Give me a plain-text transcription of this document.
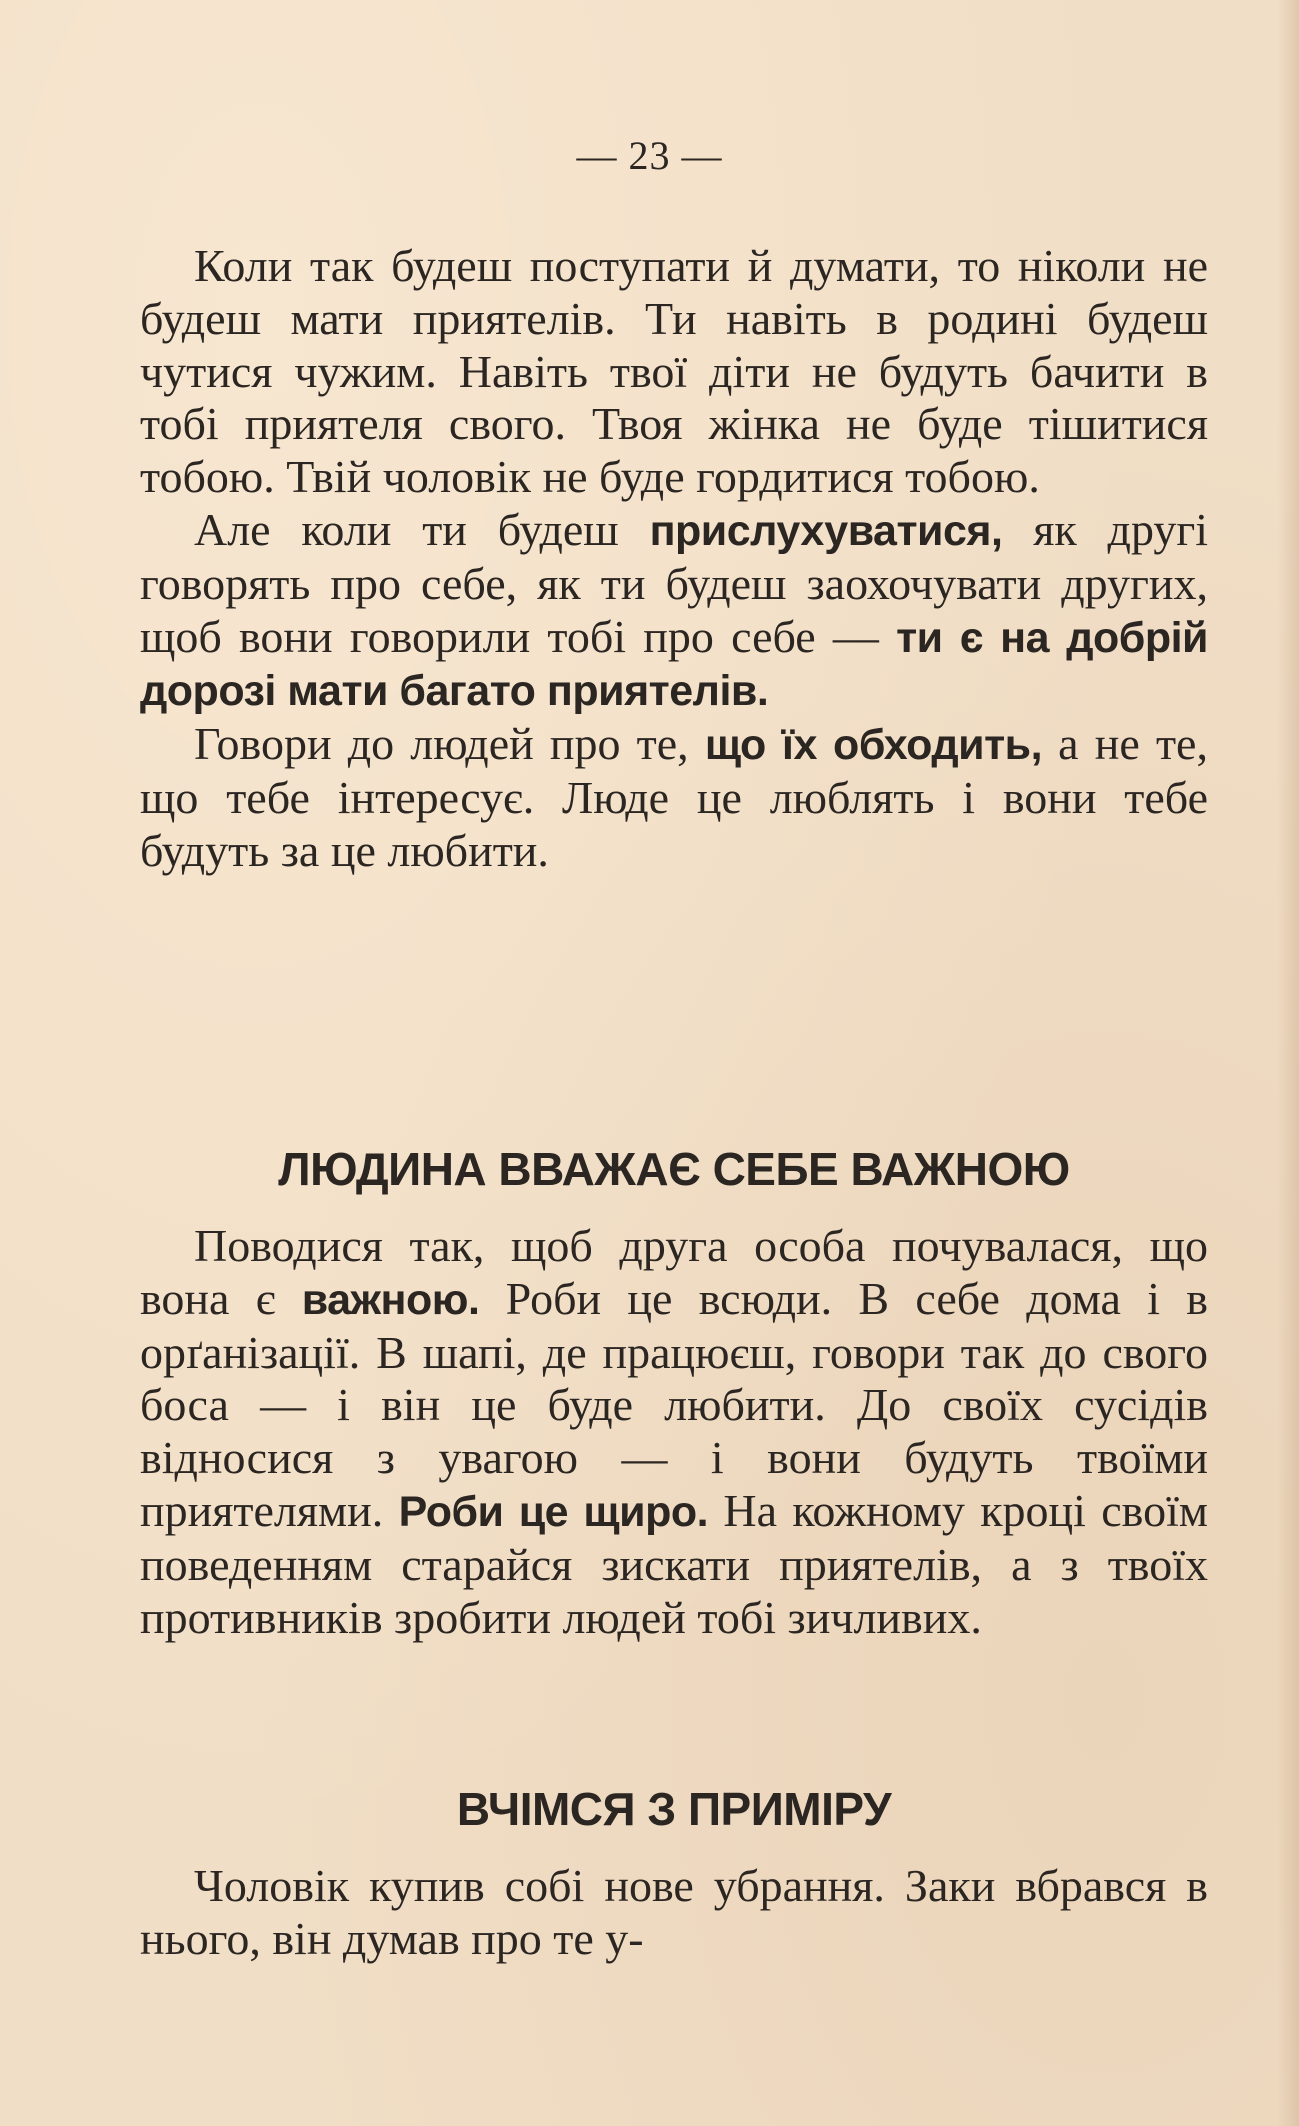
— 23 —

Коли так будеш поступати й думати, то ніколи не будеш мати приятелів. Ти навіть в родині будеш чутися чужим. Навіть твої діти не будуть бачити в тобі приятеля свого. Твоя жінка не буде тішитися тобою. Твій чоловік не буде гордитися тобою.

Але коли ти будеш прислухуватися, як другі говорять про себе, як ти будеш заохочувати других, щоб вони говорили тобі про себе — ти є на добрій дорозі мати багато приятелів.

Говори до людей про те, що їх обходить, а не те, що тебе інтересує. Люде це люблять і вони тебе будуть за це любити.

ЛЮДИНА ВВАЖАЄ СЕБЕ ВАЖНОЮ

Поводися так, щоб друга особа почувалася, що вона є важною. Роби це всюди. В себе дома і в орґанізації. В шапі, де працюєш, говори так до свого боса — і він це буде любити. До своїх сусідів відносися з увагою — і вони будуть твоїми приятелями. Роби це щиро. На кожному кроці своїм поведенням старайся зискати приятелів, а з твоїх противників зробити людей тобі зичливих.

ВЧІМСЯ З ПРИМІРУ

Чоловік купив собі нове убрання. Заки вбрався в нього, він думав про те у-
